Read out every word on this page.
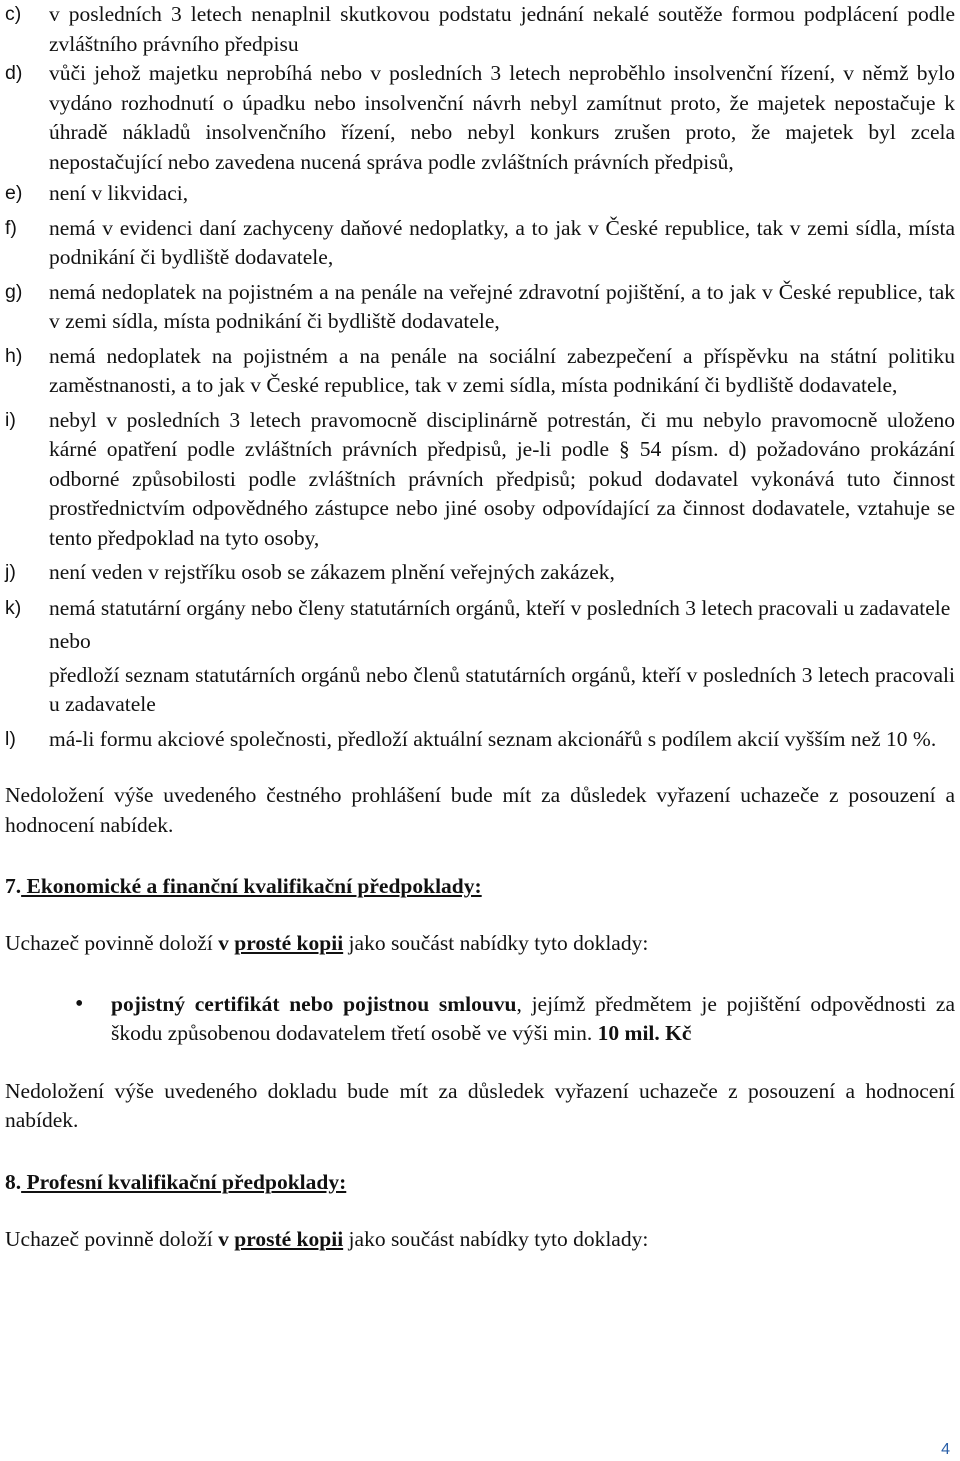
c)	v posledních 3 letech nenaplnil skutkovou podstatu jednání nekalé soutěže formou podplácení podle zvláštního právního předpisu
d)	vůči jehož majetku neprobíhá nebo v posledních 3 letech neproběhlo insolvenční řízení, v němž bylo vydáno rozhodnutí o úpadku nebo insolvenční návrh nebyl zamítnut proto, že majetek nepostačuje k úhradě nákladů insolvenčního řízení, nebo nebyl konkurs zrušen proto, že majetek byl zcela nepostačující nebo zavedena nucená správa podle zvláštních právních předpisů,
e)	není v likvidaci,
f)	nemá v evidenci daní zachyceny daňové nedoplatky, a to jak v České republice, tak v zemi sídla, místa podnikání či bydliště dodavatele,
g)	nemá nedoplatek na pojistném a na penále na veřejné zdravotní pojištění, a to jak v České republice, tak v zemi sídla, místa podnikání či bydliště dodavatele,
h)	nemá nedoplatek na pojistném a na penále na sociální zabezpečení a příspěvku na státní politiku zaměstnanosti, a to jak v České republice, tak v zemi sídla, místa podnikání či bydliště dodavatele,
i)	nebyl v posledních 3 letech pravomocně disciplinárně potrestán, či mu nebylo pravomocně uloženo kárné opatření podle zvláštních právních předpisů, je-li podle § 54 písm. d) požadováno prokázání odborné způsobilosti podle zvláštních právních předpisů; pokud dodavatel vykonává tuto činnost prostřednictvím odpovědného zástupce nebo jiné osoby odpovídající za činnost dodavatele, vztahuje se tento předpoklad na tyto osoby,
j)	není veden v rejstříku osob se zákazem plnění veřejných zakázek,
k)	nemá statutární orgány nebo členy statutárních orgánů, kteří v posledních 3 letech pracovali u zadavatele
nebo
předloží seznam statutárních orgánů nebo členů statutárních orgánů, kteří v posledních 3 letech pracovali u zadavatele
l)	má-li formu akciové společnosti, předloží aktuální seznam akcionářů s podílem akcií vyšším než 10 %.
Nedoložení výše uvedeného čestného prohlášení bude mít za důsledek vyřazení uchazeče z posouzení a hodnocení nabídek.
7. Ekonomické a finanční kvalifikační předpoklady:
Uchazeč povinně doloží v prosté kopii jako součást nabídky tyto doklady:
•	pojistný certifikát nebo pojistnou smlouvu, jejímž předmětem je pojištění odpovědnosti za škodu způsobenou dodavatelem třetí osobě ve výši min. 10 mil. Kč
Nedoložení výše uvedeného dokladu bude mít za důsledek vyřazení uchazeče z posouzení a hodnocení nabídek.
8. Profesní kvalifikační předpoklady:
Uchazeč povinně doloží v prosté kopii jako součást nabídky tyto doklady:
4
